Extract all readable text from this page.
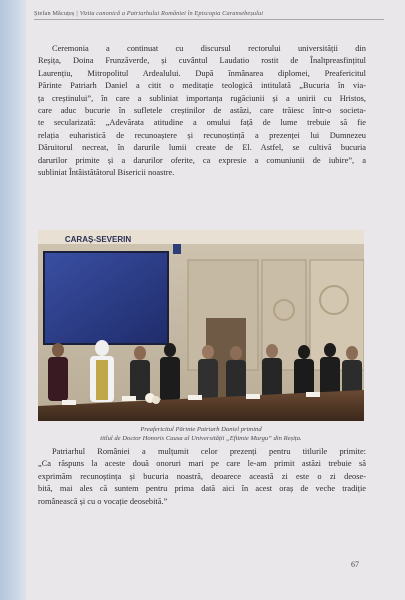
Ștefan Măcuțeș | Vizita canonică a Patriarhului României în Episcopia Caransebeșului
Ceremonia a continuat cu discursul rectorului universității din
Reșița, Doina Frunzăverde, și cuvântul Laudatio rostit de Înaltpreasfințitul
Laurențiu, Mitropolitul Ardealului. După înmânarea diplomei, Preafericitul
Părinte Patriarh Daniel a citit o meditație teologică intitulată „Bucuria în via-
ța creștinului”, în care a subliniat importanța rugăciunii și a unirii cu Hristos,
care aduc bucurie în sufletele creștinilor de astăzi, care trăiesc într-o societa-
te secularizată: „Adevărata atitudine a omului față de lume trebuie să fie
relația euharistică de recunoaștere și recunoștință a prezenței lui Dumnezeu
Dăruitorul necreat, în darurile lumii create de El. Astfel, se cultivă bucuria
darurilor primite și a darurilor oferite, ca expresie a comuniunii de iubire”, a
subliniat Întâistătătorul Bisericii noastre.
CARAȘ-SEVERIN
Preafericitul Părinte Patriarh Daniel primind
titlul de Doctor Honoris Causa al Universității „Eftimie Murgu” din Reșița.
Patriarhul României a mulțumit celor prezenți pentru titlurile primite:
„Ca răspuns la aceste două onoruri mari pe care le-am primit astăzi trebuie să
exprimăm recunoștința și bucuria noastră, deoarece această zi este o zi deose-
bită, mai ales că suntem pentru prima dată aici în acest oraș de veche tradiție
românească și cu o vocație deosebită.”
67
